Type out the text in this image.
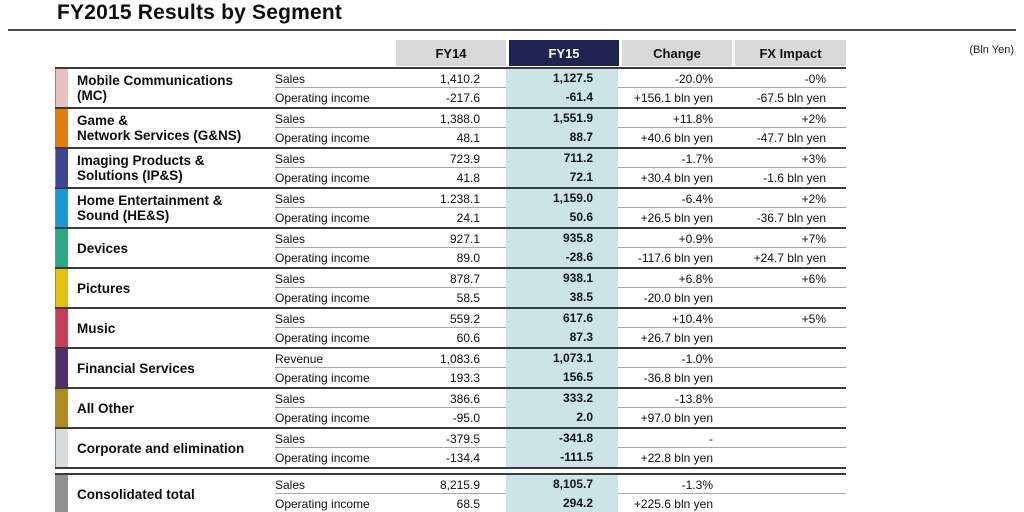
FY2015 Results by Segment
(Bln Yen)
FY14	FY15	Change	FX Impact
Mobile Communications
(MC)
Sales	1,410.2	1,127.5	-20.0%	-0%
Operating income	-217.6	-61.4	+156.1 bln yen	-67.5 bln yen
Game &
Network Services (G&NS)
Sales	1,388.0	1,551.9	+11.8%	+2%
Operating income	48.1	88.7	+40.6 bln yen	-47.7 bln yen
Imaging Products &
Solutions (IP&S)
Sales	723.9	711.2	-1.7%	+3%
Operating income	41.8	72.1	+30.4 bln yen	-1.6 bln yen
Home Entertainment &
Sound (HE&S)
Sales	1.238.1	1,159.0	-6.4%	+2%
Operating income	24.1	50.6	+26.5 bln yen	-36.7 bln yen
Devices
Sales	927.1	935.8	+0.9%	+7%
Operating income	89.0	-28.6	-117.6 bln yen	+24.7 bln yen
Pictures
Sales	878.7	938.1	+6.8%	+6%
Operating income	58.5	38.5	-20.0 bln yen
Music
Sales	559.2	617.6	+10.4%	+5%
Operating income	60.6	87.3	+26.7 bln yen
Financial Services
Revenue	1,083.6	1,073.1	-1.0%
Operating income	193.3	156.5	-36.8 bln yen
All Other
Sales	386.6	333.2	-13.8%
Operating income	-95.0	2.0	+97.0 bln yen
Corporate and elimination
Sales	-379.5	-341.8	-
Operating income	-134.4	-111.5	+22.8 bln yen
Consolidated total
Sales	8,215.9	8,105.7	-1.3%
Operating income	68.5	294.2	+225.6 bln yen
